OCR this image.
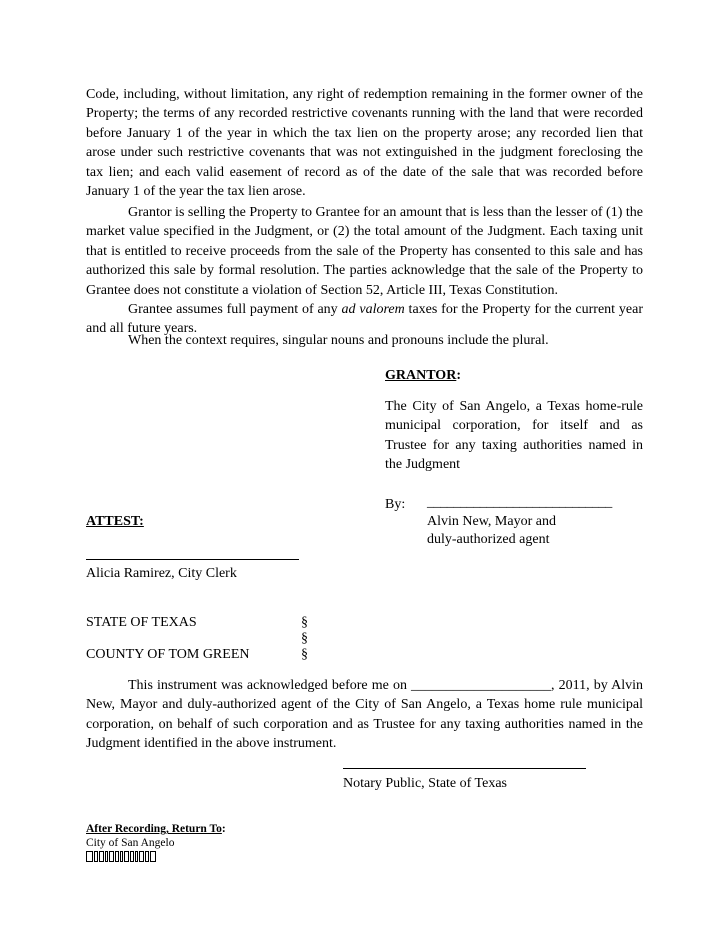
Code, including, without limitation, any right of redemption remaining in the former owner of the Property; the terms of any recorded restrictive covenants running with the land that were recorded before January 1 of the year in which the tax lien on the property arose; any recorded lien that arose under such restrictive covenants that was not extinguished in the judgment foreclosing the tax lien; and each valid easement of record as of the date of the sale that was recorded before January 1 of the year the tax lien arose.

Grantor is selling the Property to Grantee for an amount that is less than the lesser of (1) the market value specified in the Judgment, or (2) the total amount of the Judgment. Each taxing unit that is entitled to receive proceeds from the sale of the Property has consented to this sale and has authorized this sale by formal resolution. The parties acknowledge that the sale of the Property to Grantee does not constitute a violation of Section 52, Article III, Texas Constitution.

Grantee assumes full payment of any ad valorem taxes for the Property for the current year and all future years.

When the context requires, singular nouns and pronouns include the plural.
GRANTOR:

The City of San Angelo, a Texas home-rule municipal corporation, for itself and as Trustee for any taxing authorities named in the Judgment

By: ____________________________
Alvin New, Mayor and
duly-authorized agent
ATTEST:
Alicia Ramirez, City Clerk
STATE OF TEXAS	§
§
§
COUNTY OF TOM GREEN

This instrument was acknowledged before me on ____________________, 2011, by Alvin New, Mayor and duly-authorized agent of the City of San Angelo, a Texas home rule municipal corporation, on behalf of such corporation and as Trustee for any taxing authorities named in the Judgment identified in the above instrument.

Notary Public, State of Texas
After Recording, Return To:
City of San Angelo
